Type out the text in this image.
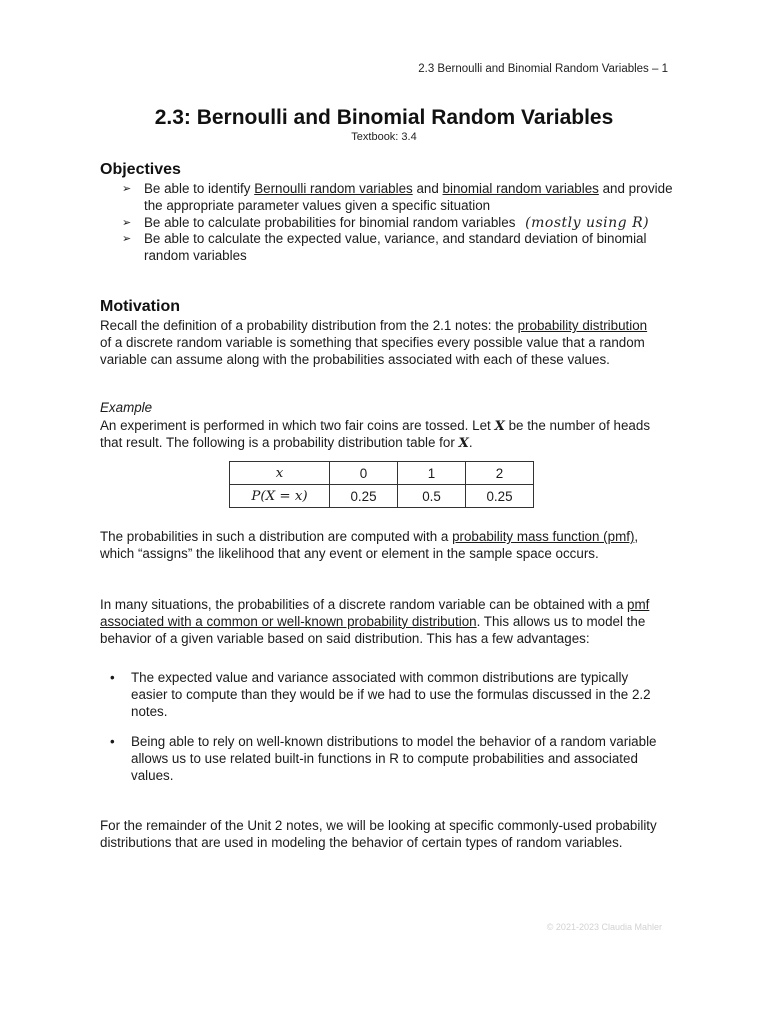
2.3 Bernoulli and Binomial Random Variables – 1
2.3: Bernoulli and Binomial Random Variables
Textbook: 3.4
Objectives
➢ Be able to identify Bernoulli random variables and binomial random variables and provide the appropriate parameter values given a specific situation
➢ Be able to calculate probabilities for binomial random variables (mostly using R)
➢ Be able to calculate the expected value, variance, and standard deviation of binomial random variables
Motivation

Recall the definition of a probability distribution from the 2.1 notes: the probability distribution of a discrete random variable is something that specifies every possible value that a random variable can assume along with the probabilities associated with each of these values.

Example

An experiment is performed in which two fair coins are tossed. Let X be the number of heads that result. The following is a probability distribution table for X.

x	0	1	2
P(X = x)	0.25	0.5	0.25

The probabilities in such a distribution are computed with a probability mass function (pmf), which “assigns” the likelihood that any event or element in the sample space occurs.

In many situations, the probabilities of a discrete random variable can be obtained with a pmf associated with a common or well-known probability distribution. This allows us to model the behavior of a given variable based on said distribution. This has a few advantages:

• The expected value and variance associated with common distributions are typically easier to compute than they would be if we had to use the formulas discussed in the 2.2 notes.
• Being able to rely on well-known distributions to model the behavior of a random variable allows us to use related built-in functions in R to compute probabilities and associated values.

For the remainder of the Unit 2 notes, we will be looking at specific commonly-used probability distributions that are used in modeling the behavior of certain types of random variables.

© 2021-2023 Claudia Mahler
